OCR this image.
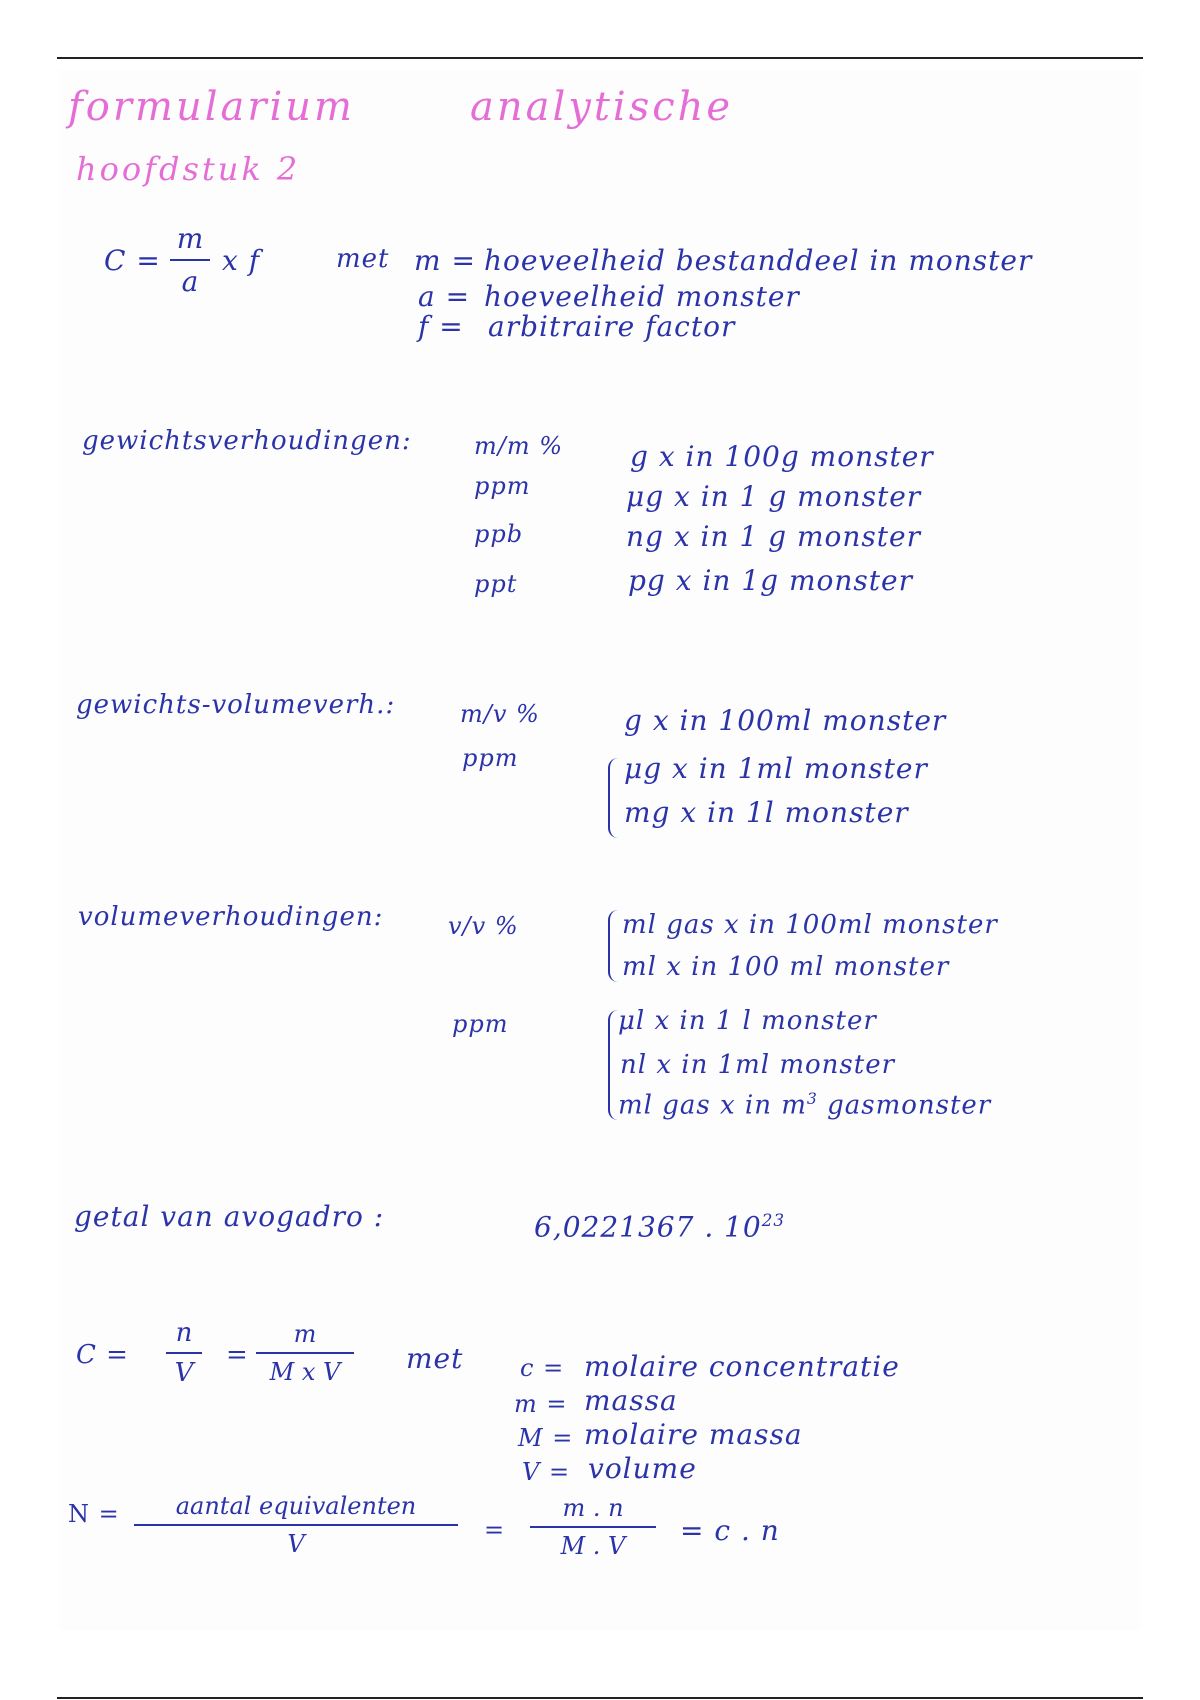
formularium	analytische
hoofdstuk 2
C =
m
a
x f	met m = hoeveelheid bestanddeel in monster
a = hoeveelheid monster
f = arbitraire factor
gewichtsverhoudingen:	m/m % g x in 100g monster
ppm	μg x in 1 g monster
ppb	ng x in 1 g monster
ppt	pg x in 1g monster
gewichts-volumeverh.:	m/v %	g x in 100ml monster
ppm	μg x in 1ml monster
mg x in 1l monster
volumeverhoudingen:	v/v %	ml gas x in 100ml monster
ml x in 100 ml monster
ppm	μl x in 1 l monster
nl x in 1ml monster
ml gas x in $m^3$ gasmonster
getal van avogadro :	6,0221367 . $10^{23}$
C =
n
V
=
m
M x V met c = molaire concentratie
m = massa
M = molaire massa
V = volume
N = aantal equivalenten
V	=
m . n
M . V = c . n
